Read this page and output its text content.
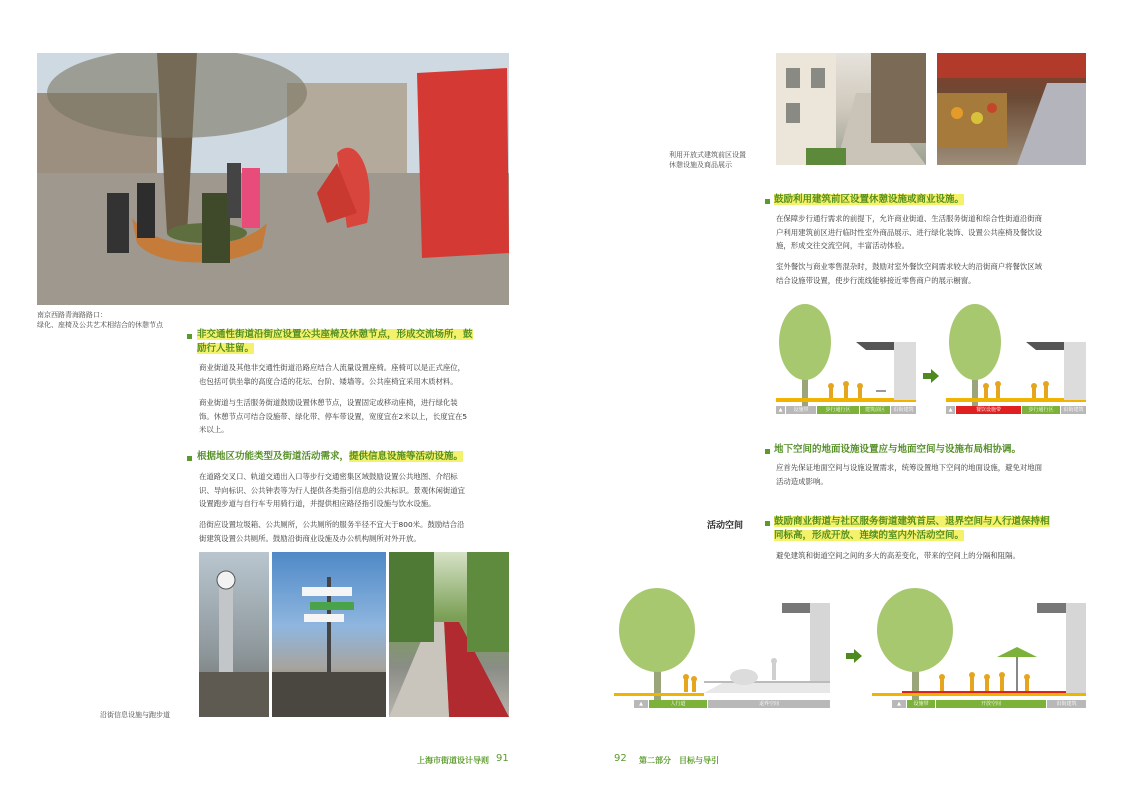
南京西路青海路路口：
绿化、座椅及公共艺术相结合的休憩节点
非交通性街道沿街应设置公共座椅及休憩节点，形成交流场所，鼓
励行人驻留。
商业街道及其他非交通性街道沿路应结合人流量设置座椅。座椅可以是正式座位，
也包括可供坐靠的高度合适的花坛、台阶、矮墙等。公共座椅宜采用木质材料。
商业街道与生活服务街道鼓励设置休憩节点，设置固定或移动座椅，进行绿化装
饰。休憩节点可结合设施带、绿化带、停车带设置，宽度宜在2米以上，长度宜在5
米以上。
根据地区功能类型及街道活动需求，提供信息设施等活动设施。
在道路交叉口、轨道交通出入口等步行交通密集区域鼓励设置公共地图、介绍标
识、导向标识、公共钟表等为行人提供各类指引信息的公共标识。景观休闲街道宜
设置跑步道与自行车专用骑行道，并提供相应路径指引设施与饮水设施。
沿街应设置垃圾箱、公共厕所，公共厕所的服务半径不宜大于800米。鼓励结合沿
街建筑设置公共厕所。鼓励沿街商业设施及办公机构厕所对外开放。
沿街信息设施与跑步道
上海市街道设计导则 91
利用开放式建筑前区设置
休憩设施及商品展示
鼓励利用建筑前区设置休憩设施或商业设施。
在保障步行通行需求的前提下，允许商业街道、生活服务街道和综合性街道沿街商
户利用建筑前区进行临时性室外商品展示、进行绿化装饰、设置公共座椅及餐饮设
施，形成交往交流空间，丰富活动体验。
室外餐饮与商业零售混杂时，鼓励对室外餐饮空间需求较大的沿街商户将餐饮区域
结合设施带设置，使步行流线能够接近零售商户的展示橱窗。
设施带	步行通行区	建筑前区	沿街建筑
▲	▲	餐饮设施带	步行通行区	沿街建筑
地下空间的地面设施设置应与地面空间与设施布局相协调。
应首先保证地面空间与设施设置需求，统筹设置地下空间的地面设施，避免对地面
活动造成影响。
活动空间	鼓励商业街道与社区服务街道建筑首层、退界空间与人行道保持相
同标高，形成开放、连续的室内外活动空间。
避免建筑和街道空间之间的多大的高差变化，带来的空间上的分隔和阻隔。
▲	人行道	退界空间	▲	设施带	开放空间	沿街建筑
92 第二部分　目标与导引
